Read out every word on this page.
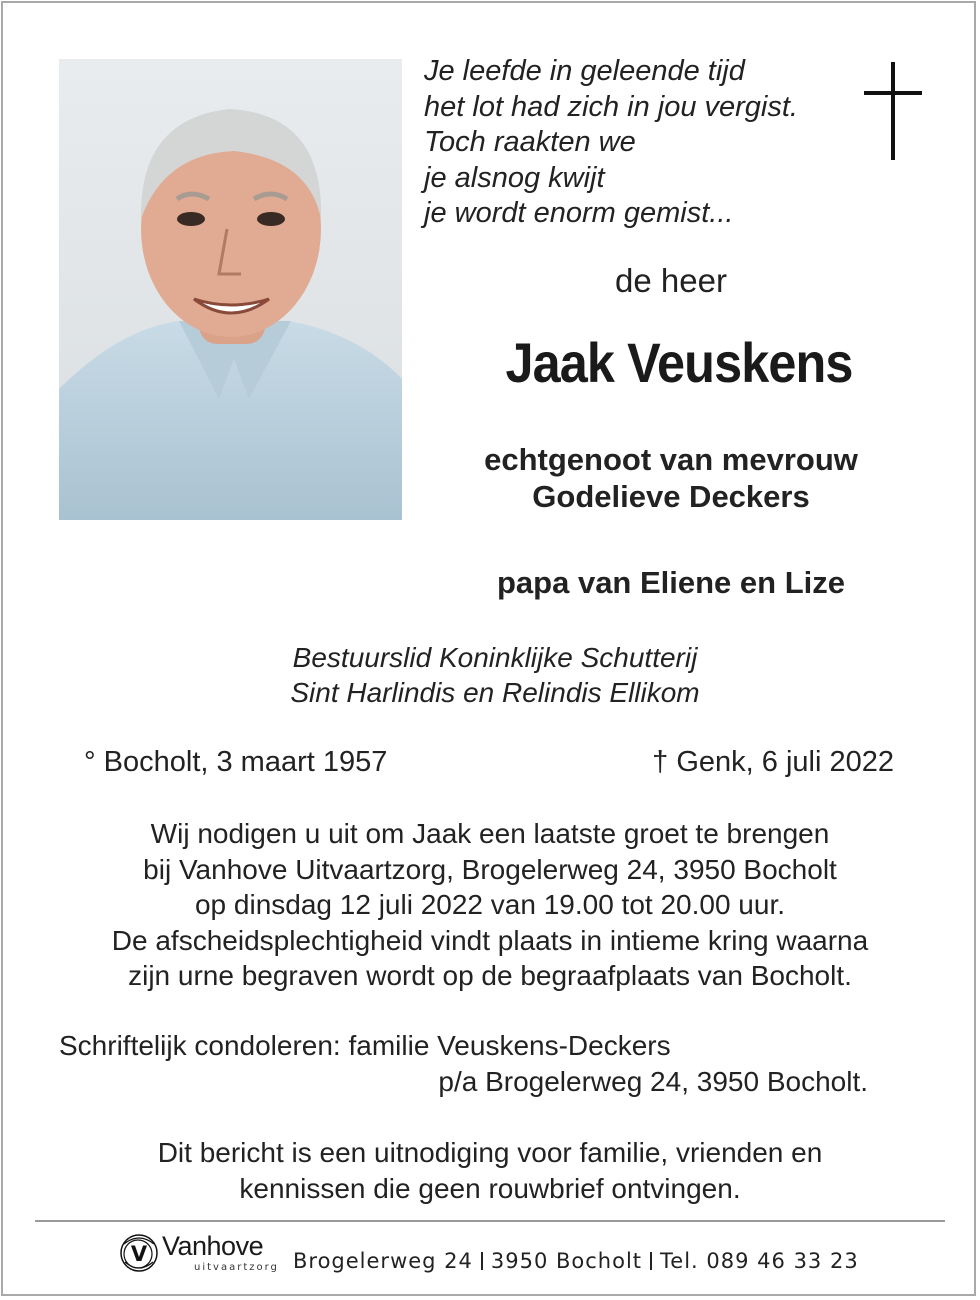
Je leefde in geleende tijd
het lot had zich in jou vergist.
Toch raakten we
je alsnog kwijt
je wordt enorm gemist...
de heer
Jaak Veuskens
echtgenoot van mevrouw
Godelieve Deckers
papa van Eliene en Lize
Bestuurslid Koninklijke Schutterij
Sint Harlindis en Relindis Ellikom
° Bocholt, 3 maart 1957	† Genk, 6 juli 2022
Wij nodigen u uit om Jaak een laatste groet te brengen
bij Vanhove Uitvaartzorg, Brogelerweg 24, 3950 Bocholt
op dinsdag 12 juli 2022 van 19.00 tot 20.00 uur.
De afscheidsplechtigheid vindt plaats in intieme kring waarna
zijn urne begraven wordt op de begraafplaats van Bocholt.
Schriftelijk condoleren: familie Veuskens-Deckers
p/a Brogelerweg 24, 3950 Bocholt.
Dit bericht is een uitnodiging voor familie, vrienden en
kennissen die geen rouwbrief ontvingen.
V Vanhove
uitvaartzorg Brogelerweg 24 3950 Bocholt Tel. 089 46 33 23
